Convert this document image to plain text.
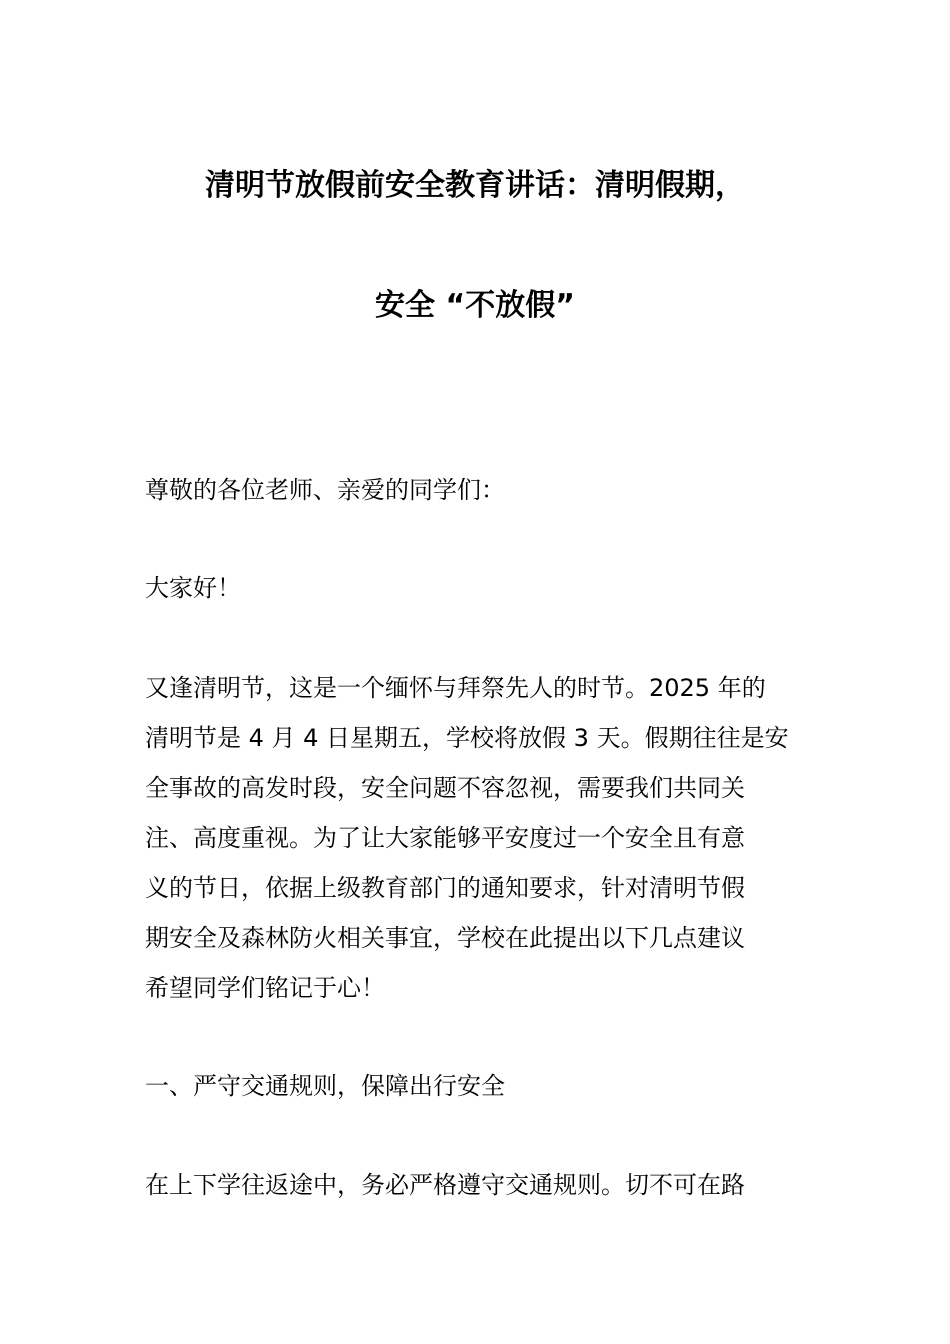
清明节放假前安全教育讲话：清明假期，
安全 “不放假”
尊敬的各位老师、亲爱的同学们：
大家好！
又逢清明节，这是一个缅怀与拜祭先人的时节。2025 年的
清明节是 4 月 4 日星期五，学校将放假 3 天。假期往往是安
全事故的高发时段，安全问题不容忽视，需要我们共同关
注、高度重视。为了让大家能够平安度过一个安全且有意
义的节日，依据上级教育部门的通知要求，针对清明节假
期安全及森林防火相关事宜，学校在此提出以下几点建议
希望同学们铭记于心！
一、严守交通规则，保障出行安全
在上下学往返途中，务必严格遵守交通规则。切不可在路
